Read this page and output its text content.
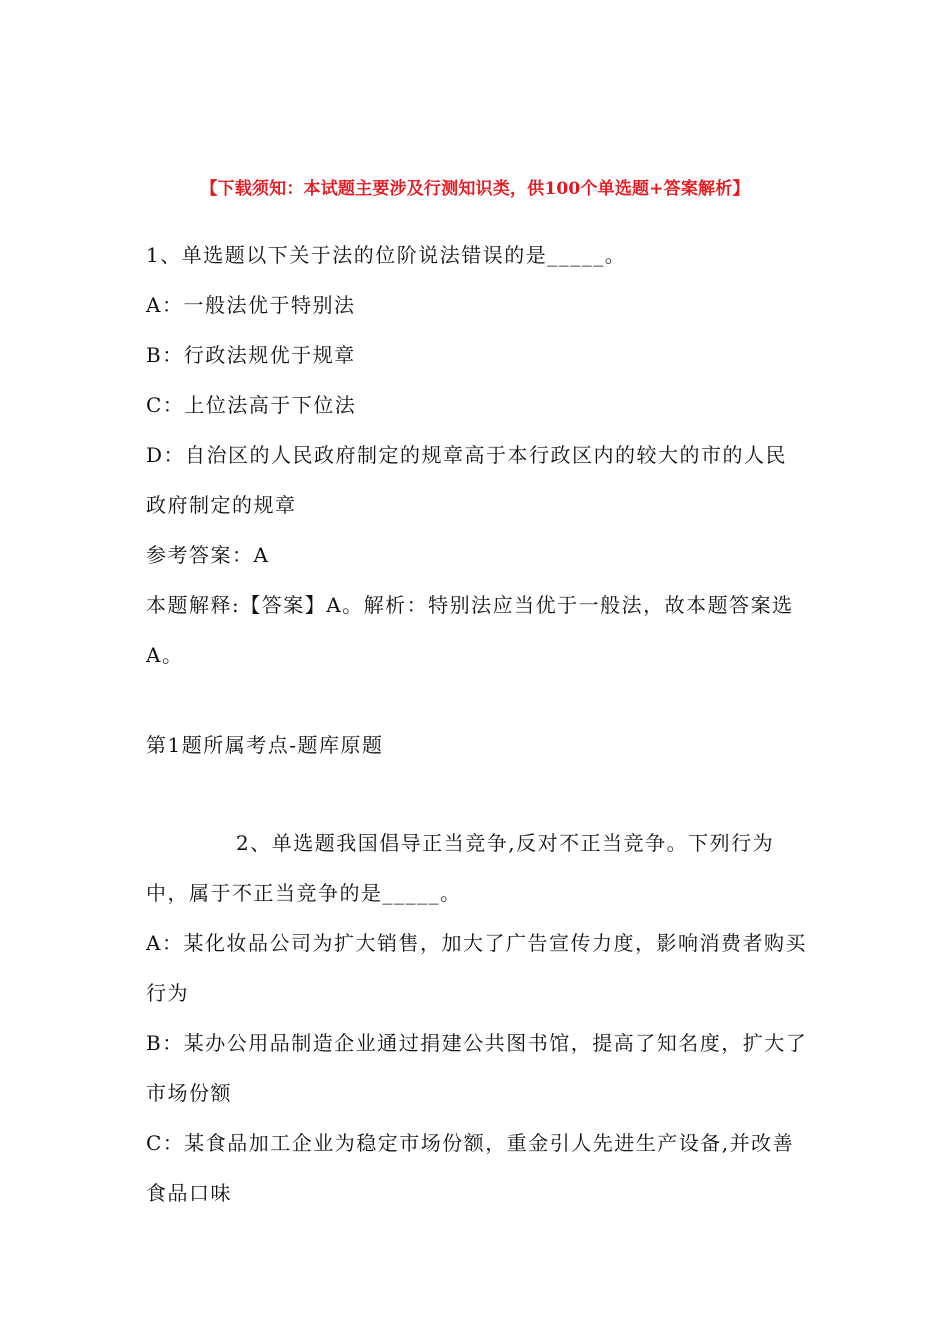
【下载须知：本试题主要涉及行测知识类，供100个单选题+答案解析】

1、单选题以下关于法的位阶说法错误的是_____。

A：一般法优于特别法

B：行政法规优于规章

C：上位法高于下位法

D：自治区的人民政府制定的规章高于本行政区内的较大的市的人民政府制定的规章

参考答案：A

本题解释:【答案】A。解析：特别法应当优于一般法，故本题答案选A。

第1题所属考点-题库原题

2、单选题我国倡导正当竞争,反对不正当竞争。下列行为中，属于不正当竞争的是_____。

A：某化妆品公司为扩大销售，加大了广告宣传力度，影响消费者购买行为

B：某办公用品制造企业通过捐建公共图书馆，提高了知名度，扩大了市场份额

C：某食品加工企业为稳定市场份额，重金引人先进生产设备,并改善食品口味
